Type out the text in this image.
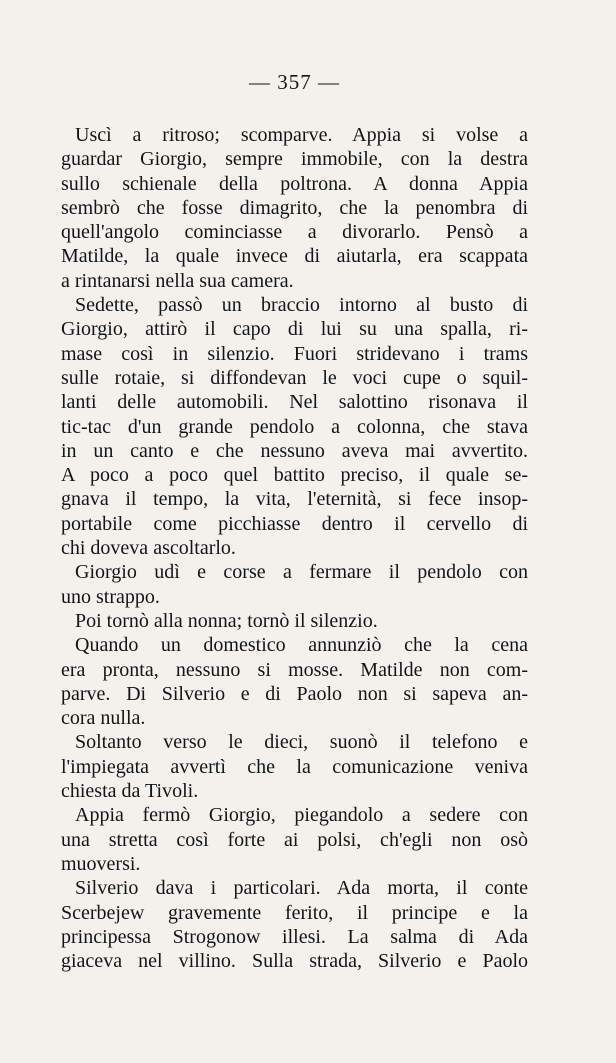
— 357 —
Uscì a ritroso; scomparve. Appia si volse a
guardar Giorgio, sempre immobile, con la destra
sullo schienale della poltrona. A donna Appia
sembrò che fosse dimagrito, che la penombra di
quell'angolo cominciasse a divorarlo. Pensò a
Matilde, la quale invece di aiutarla, era scappata
a rintanarsi nella sua camera.
Sedette, passò un braccio intorno al busto di
Giorgio, attirò il capo di lui su una spalla, ri-
mase così in silenzio. Fuori stridevano i trams
sulle rotaie, si diffondevan le voci cupe o squil-
lanti delle automobili. Nel salottino risonava il
tic-tac d'un grande pendolo a colonna, che stava
in un canto e che nessuno aveva mai avvertito.
A poco a poco quel battito preciso, il quale se-
gnava il tempo, la vita, l'eternità, si fece insop-
portabile come picchiasse dentro il cervello di
chi doveva ascoltarlo.
Giorgio udì e corse a fermare il pendolo con
uno strappo.
Poi tornò alla nonna; tornò il silenzio.
Quando un domestico annunziò che la cena
era pronta, nessuno si mosse. Matilde non com-
parve. Di Silverio e di Paolo non si sapeva an-
cora nulla.
Soltanto verso le dieci, suonò il telefono e
l'impiegata avvertì che la comunicazione veniva
chiesta da Tivoli.
Appia fermò Giorgio, piegandolo a sedere con
una stretta così forte ai polsi, ch'egli non osò
muoversi.
Silverio dava i particolari. Ada morta, il conte
Scerbejew gravemente ferito, il principe e la
principessa Strogonow illesi. La salma di Ada
giaceva nel villino. Sulla strada, Silverio e Paolo
